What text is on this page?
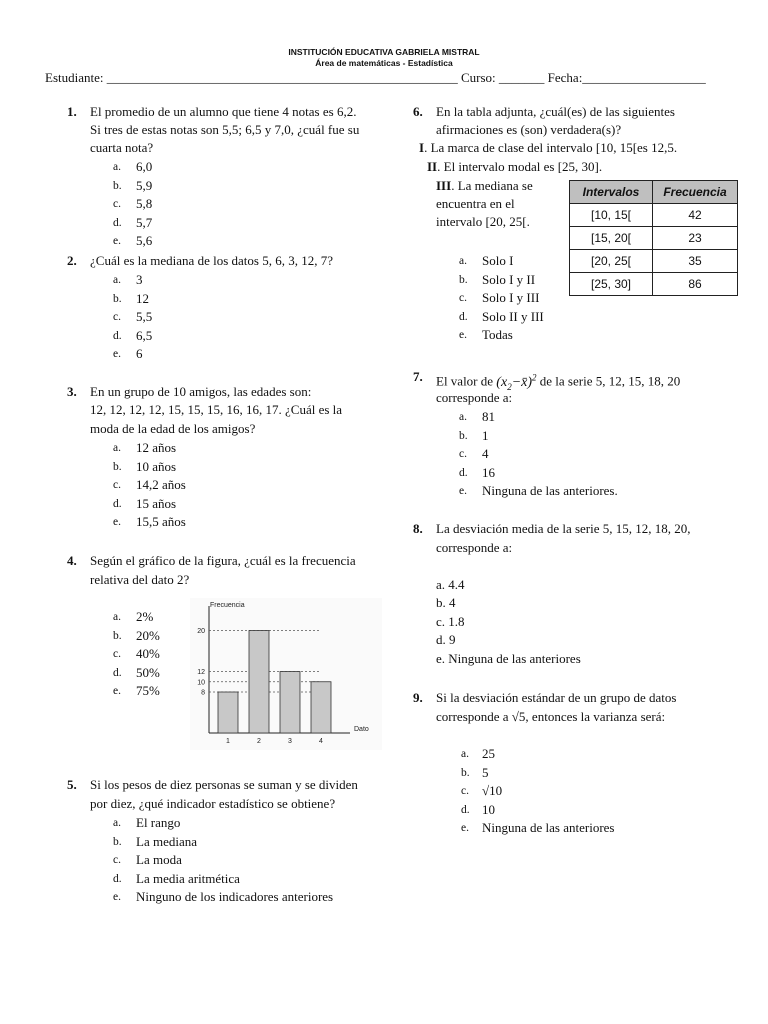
INSTITUCIÓN EDUCATIVA GABRIELA MISTRAL
Área de matemáticas - Estadística
Estudiante: ______________________________________________________ Curso: _______ Fecha:___________________
1. El promedio de un alumno que tiene 4 notas es 6,2.
Si tres de estas notas son 5,5; 6,5 y 7,0, ¿cuál fue su
cuarta nota?
a. 6,0
b. 5,9
c. 5,8
d. 5,7
e. 5,6
2. ¿Cuál es la mediana de los datos 5, 6, 3, 12, 7?
a. 3
b. 12
c. 5,5
d. 6,5
e. 6
3. En un grupo de 10 amigos, las edades son:
12, 12, 12, 12, 15, 15, 15, 16, 16, 17. ¿Cuál es la
moda de la edad de los amigos?
a. 12 años
b. 10 años
c. 14,2 años
d. 15 años
e. 15,5 años
4. Según el gráfico de la figura, ¿cuál es la frecuencia
relativa del dato 2?
a. 2%
b. 20%
c. 40%
d. 50%
e. 75%
Frecuencia
Dato
8
10
12
20
1	2	3	4
5. Si los pesos de diez personas se suman y se dividen
por diez, ¿qué indicador estadístico se obtiene?
a. El rango
b. La mediana
c. La moda
d. La media aritmética
e. Ninguno de los indicadores anteriores
6. En la tabla adjunta, ¿cuál(es) de las siguientes
afirmaciones es (son) verdadera(s)?
I. La marca de clase del intervalo [10, 15[es 12,5.
II. El intervalo modal es [25, 30].
III. La mediana se
encuentra en el
intervalo [20, 25[.
a. Solo I
b. Solo I y II
c. Solo I y III
d. Solo II y III
e. Todas
Intervalos	Frecuencia
[10, 15[	42
[15, 20[	23
[20, 25[	35
[25, 30]	86
7. El valor de $(x_2-x̄)^2$ de la serie 5, 12, 15, 18, 20
corresponde a:
a. 81
b. 1
c. 4
d. 16
e. Ninguna de las anteriores.
8. La desviación media de la serie 5, 15, 12, 18, 20,
corresponde a:
a. 4.4
b. 4
c. 1.8
d. 9
e. Ninguna de las anteriores
9. Si la desviación estándar de un grupo de datos
corresponde a √5, entonces la varianza será:
a. 25
b. 5
c. √10
d. 10
e. Ninguna de las anteriores
